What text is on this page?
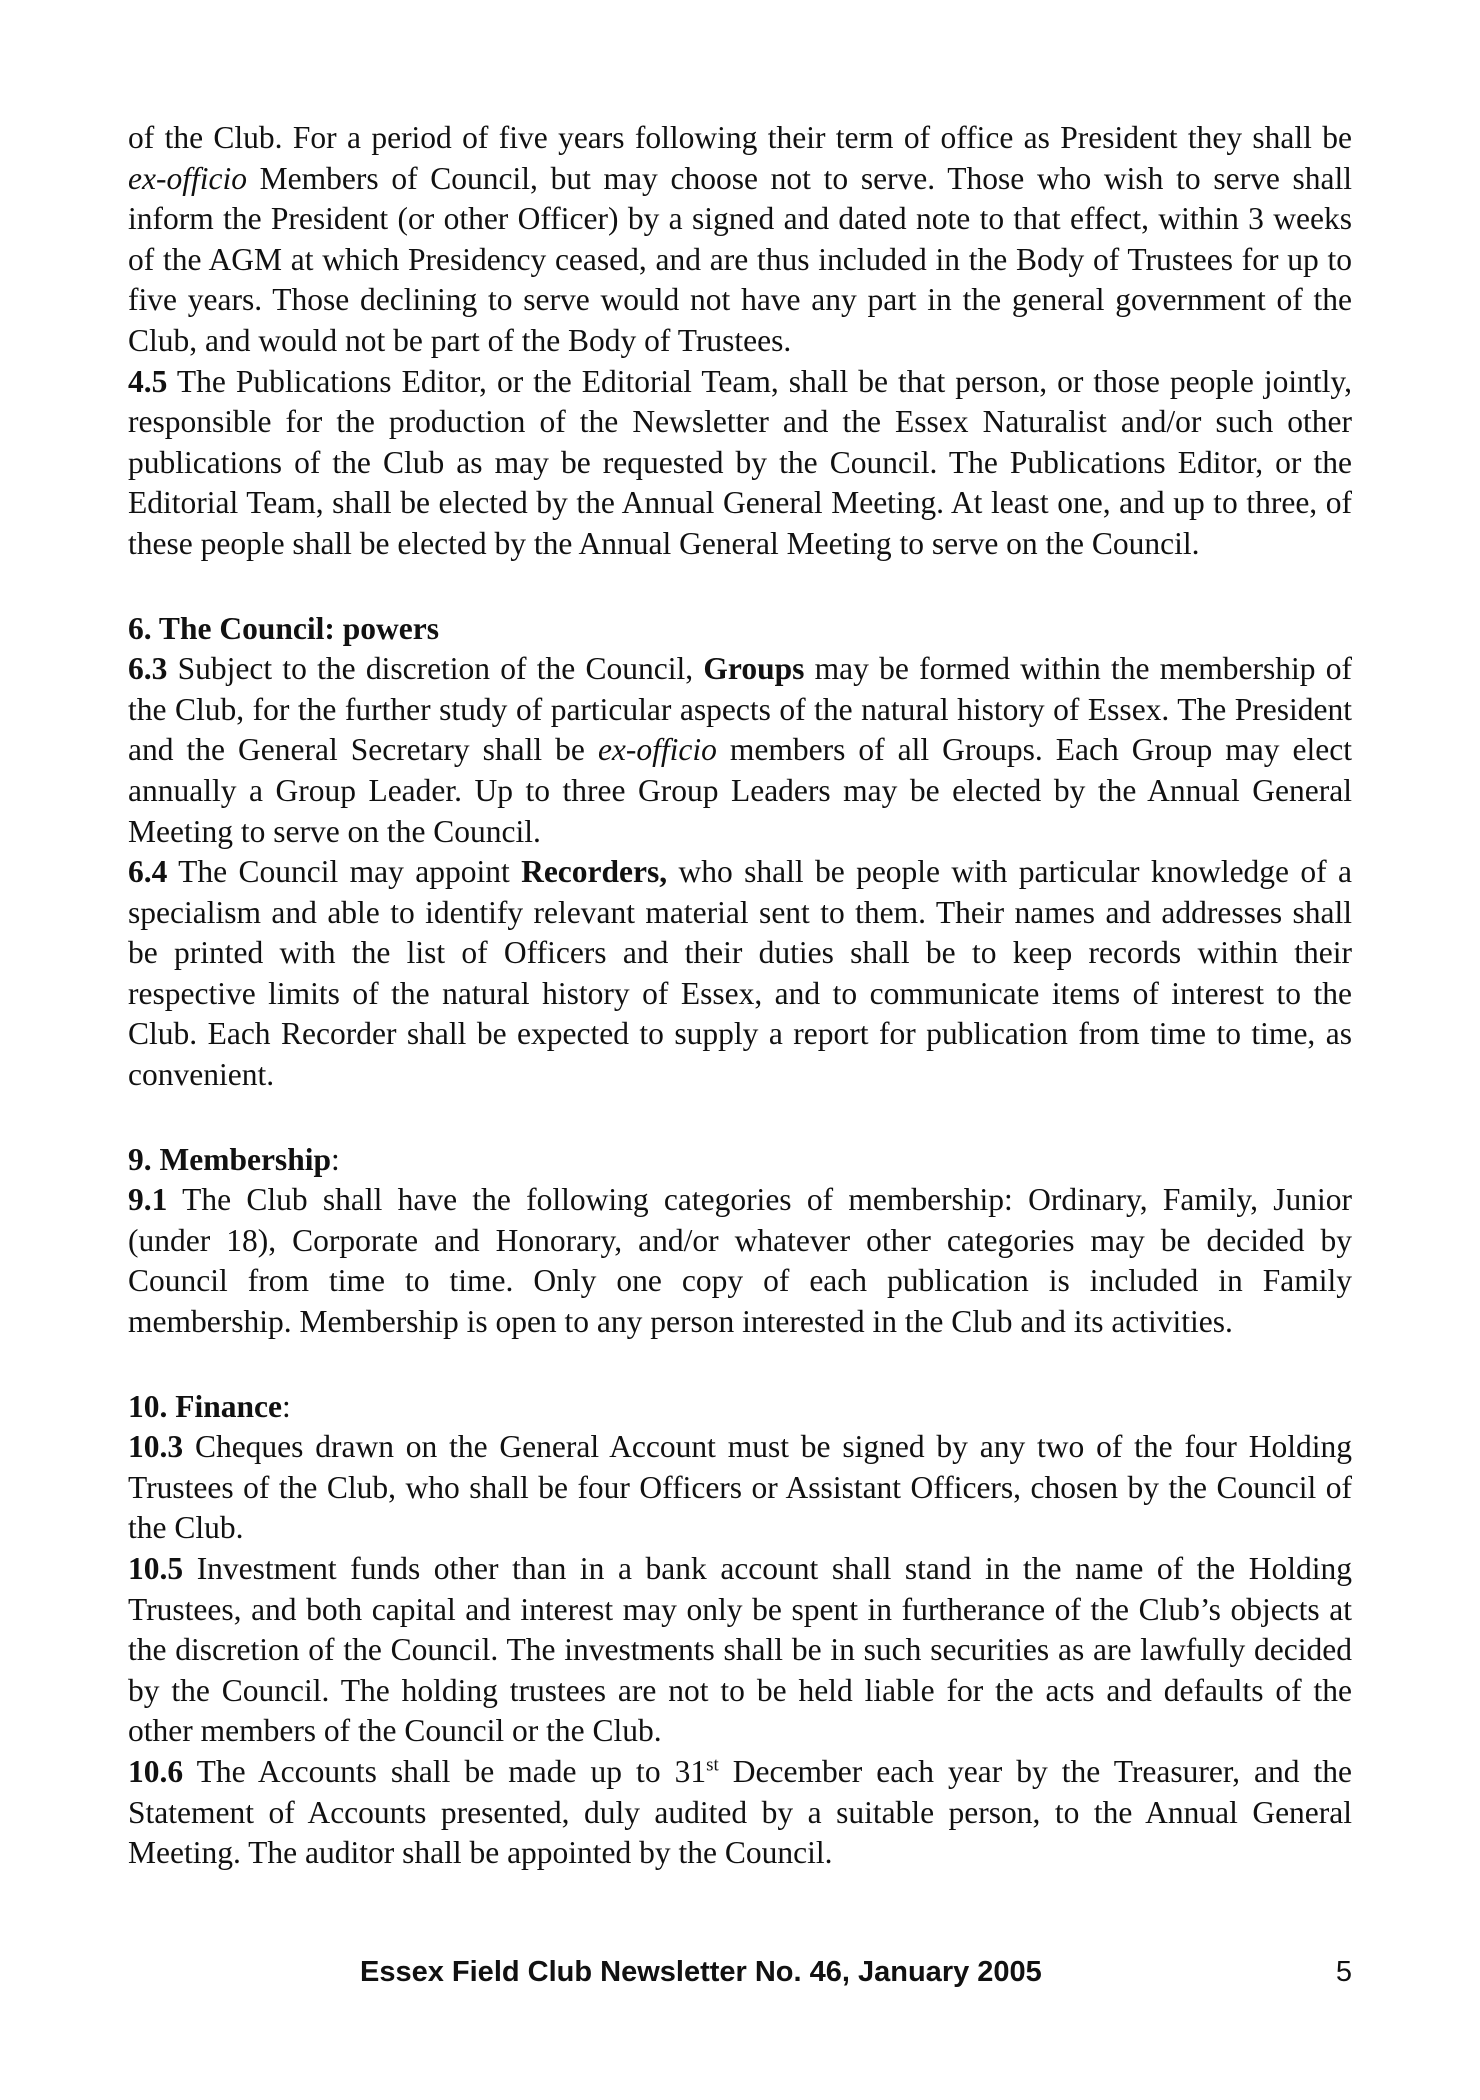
of the Club. For a period of five years following their term of office as President they shall be ex-officio Members of Council, but may choose not to serve. Those who wish to serve shall inform the President (or other Officer) by a signed and dated note to that effect, within 3 weeks of the AGM at which Presidency ceased, and are thus included in the Body of Trustees for up to five years. Those declining to serve would not have any part in the general government of the Club, and would not be part of the Body of Trustees.

4.5 The Publications Editor, or the Editorial Team, shall be that person, or those people jointly, responsible for the production of the Newsletter and the Essex Naturalist and/or such other publications of the Club as may be requested by the Council. The Publications Editor, or the Editorial Team, shall be elected by the Annual General Meeting. At least one, and up to three, of these people shall be elected by the Annual General Meeting to serve on the Council.

6. The Council: powers

6.3 Subject to the discretion of the Council, Groups may be formed within the membership of the Club, for the further study of particular aspects of the natural history of Essex. The President and the General Secretary shall be ex-officio members of all Groups. Each Group may elect annually a Group Leader. Up to three Group Leaders may be elected by the Annual General Meeting to serve on the Council.

6.4 The Council may appoint Recorders, who shall be people with particular knowledge of a specialism and able to identify relevant material sent to them. Their names and addresses shall be printed with the list of Officers and their duties shall be to keep records within their respective limits of the natural history of Essex, and to communicate items of interest to the Club. Each Recorder shall be expected to supply a report for publication from time to time, as convenient.

9. Membership:

9.1 The Club shall have the following categories of membership: Ordinary, Family, Junior (under 18), Corporate and Honorary, and/or whatever other categories may be decided by Council from time to time. Only one copy of each publication is included in Family membership. Membership is open to any person interested in the Club and its activities.

10. Finance:

10.3 Cheques drawn on the General Account must be signed by any two of the four Holding Trustees of the Club, who shall be four Officers or Assistant Officers, chosen by the Council of the Club.

10.5 Investment funds other than in a bank account shall stand in the name of the Holding Trustees, and both capital and interest may only be spent in furtherance of the Club’s objects at the discretion of the Council. The investments shall be in such securities as are lawfully decided by the Council. The holding trustees are not to be held liable for the acts and defaults of the other members of the Council or the Club.

10.6 The Accounts shall be made up to 31st December each year by the Treasurer, and the Statement of Accounts presented, duly audited by a suitable person, to the Annual General Meeting. The auditor shall be appointed by the Council.

Essex Field Club Newsletter No. 46, January 2005	5
